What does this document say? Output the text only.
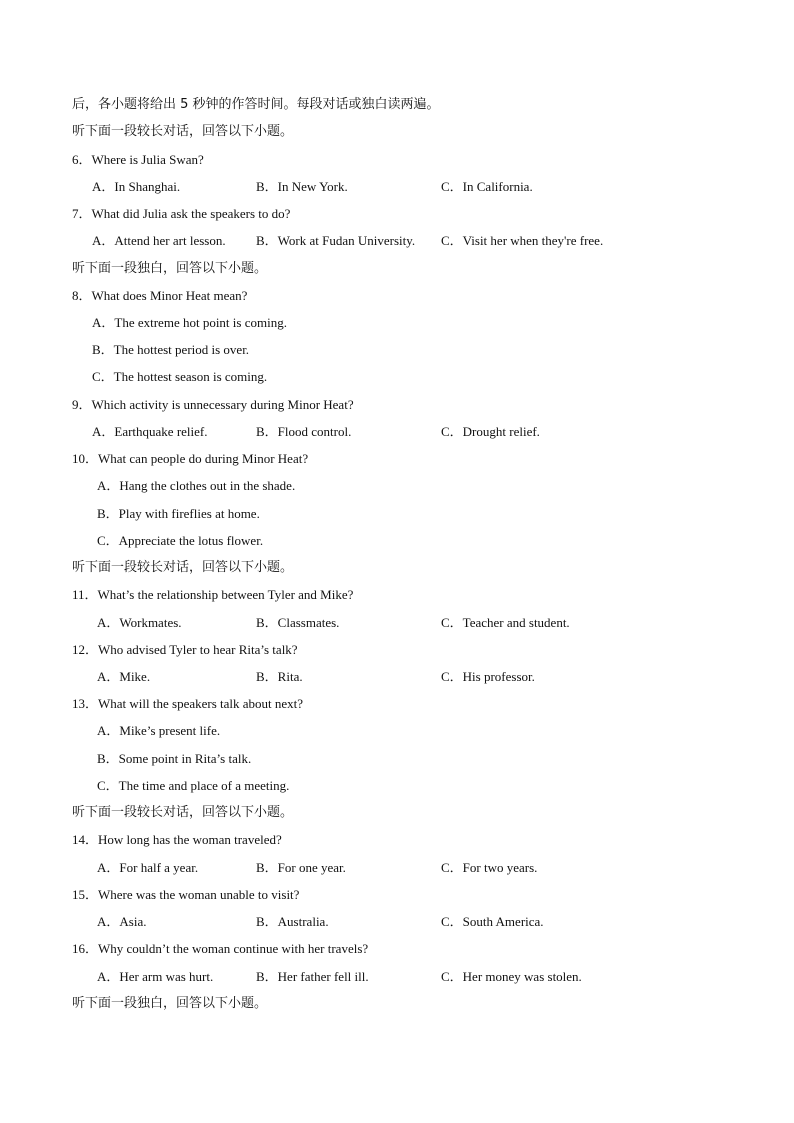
后，各小题将给出 5 秒钟的作答时间。每段对话或独白读两遍。
听下面一段较长对话，回答以下小题。
6．Where is Julia Swan?
A．In Shanghai.	B．In New York.	C．In California.
7．What did Julia ask the speakers to do?
A．Attend her art lesson. B．Work at Fudan University. C．Visit her when they're free.
听下面一段独白，回答以下小题。
8．What does Minor Heat mean?
A．The extreme hot point is coming.
B．The hottest period is over.
C．The hottest season is coming.
9．Which activity is unnecessary during Minor Heat?
A．Earthquake relief.	B．Flood control.	C．Drought relief.
10．What can people do during Minor Heat?
A．Hang the clothes out in the shade.
B．Play with fireflies at home.
C．Appreciate the lotus flower.
听下面一段较长对话，回答以下小题。
11．What’s the relationship between Tyler and Mike?
A．Workmates.	B．Classmates.	C．Teacher and student.
12．Who advised Tyler to hear Rita’s talk?
A．Mike.	B．Rita.	C．His professor.
13．What will the speakers talk about next?
A．Mike’s present life.
B．Some point in Rita’s talk.
C．The time and place of a meeting.
听下面一段较长对话，回答以下小题。
14．How long has the woman traveled?
A．For half a year.	B．For one year.	C．For two years.
15．Where was the woman unable to visit?
A．Asia.	B．Australia.	C．South America.
16．Why couldn’t the woman continue with her travels?
A．Her arm was hurt.	B．Her father fell ill.	C．Her money was stolen.
听下面一段独白，回答以下小题。
